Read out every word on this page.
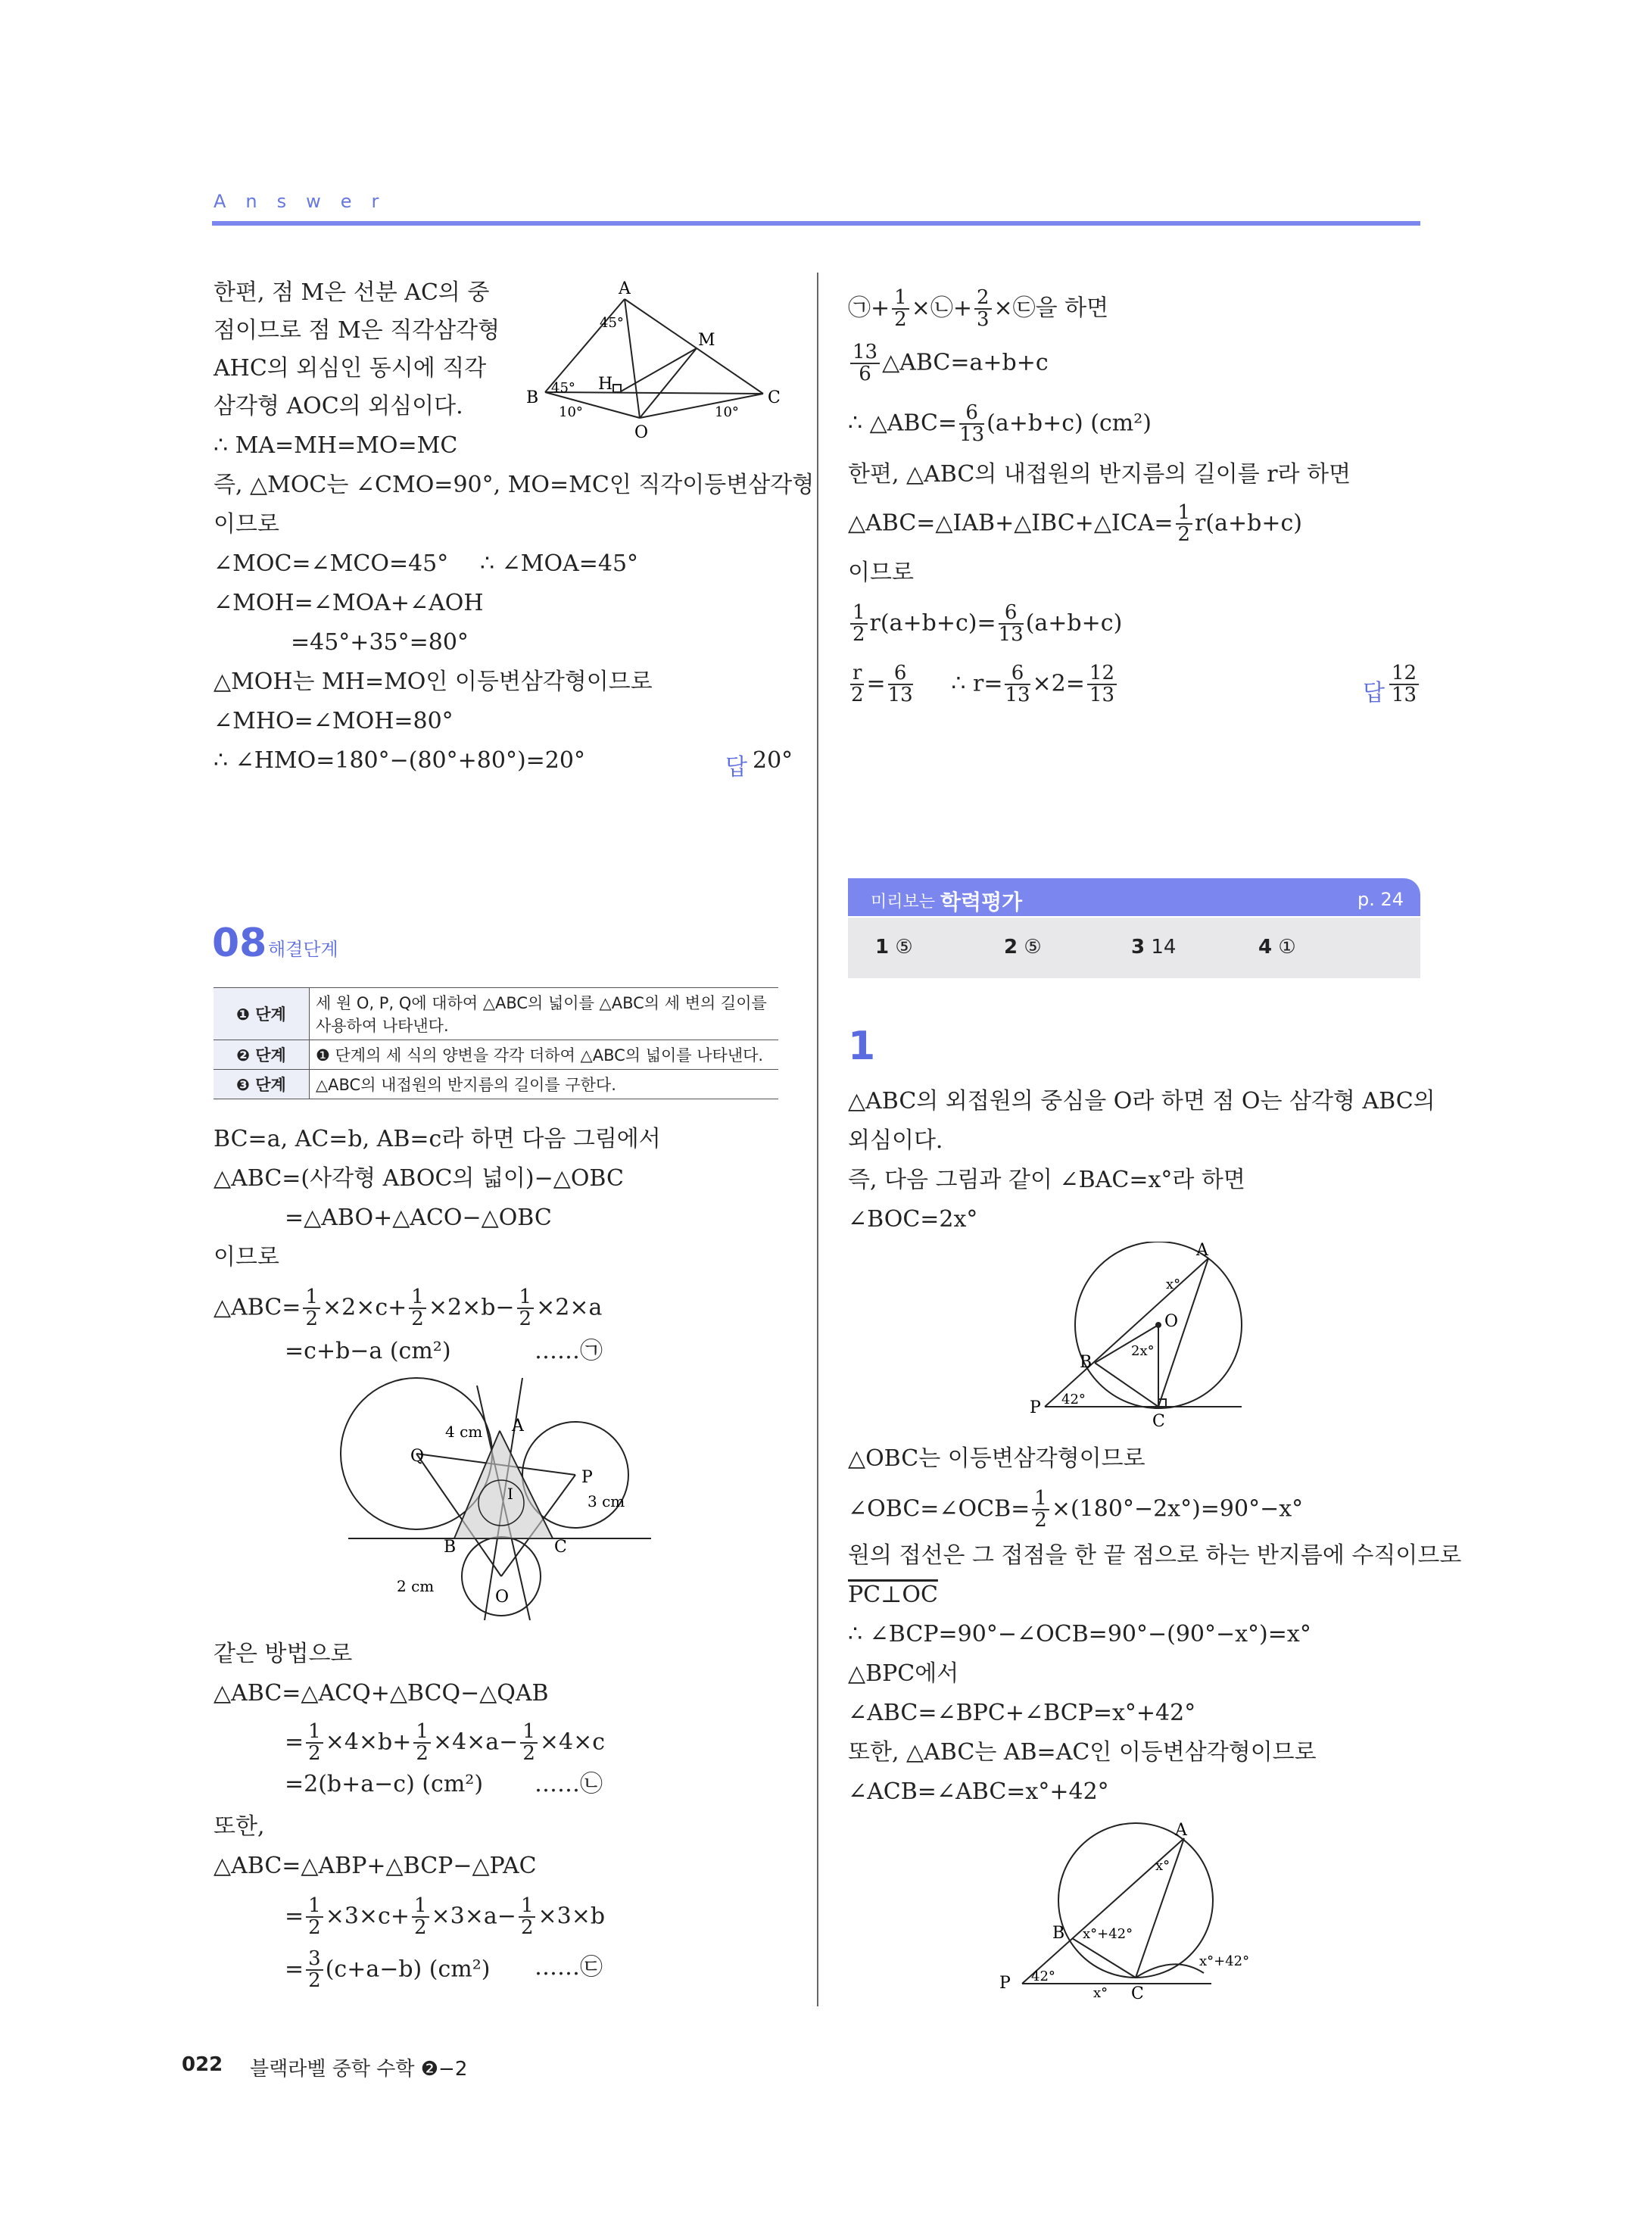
Answer
한편, 점 M은 선분 AC의 중
점이므로 점 M은 직각삼각형
AHC의 외심인 동시에 직각
삼각형 AOC의 외심이다.
∴ MA=MH=MO=MC
A
B	C
M
H
O
45°
45°
10°	10°
즉, △MOC는 ∠CMO=90°, MO=MC인 직각이등변삼각형
이므로
∠MOC=∠MCO=45° ∴ ∠MOA=45°
∠MOH=∠MOA+∠AOH
=45°+35°=80°
△MOH는 MH=MO인 이등변삼각형이므로
∠MHO=∠MOH=80°
∴ ∠HMO=180°−(80°+80°)=20°	답 20°
08 해결단계
❶ 단계	세 원 O, P, Q에 대하여 △ABC의 넓이를 △ABC의 세 변의 길이를 사용하여 나타낸다.
❷ 단계	❶ 단계의 세 식의 양변을 각각 더하여 △ABC의 넓이를 나타낸다.
❸ 단계	△ABC의 내접원의 반지름의 길이를 구한다.
BC=a, AC=b, AB=c라 하면 다음 그림에서
△ABC=(사각형 ABOC의 넓이)−△OBC
=△ABO+△ACO−△OBC
이므로
△ABC= $\frac{1}{2} \times 2\times c+ \frac{1}{2} \times 2\times b- \frac{1}{2} \times 2\times a$
=c+b−a (cm²)	……㉠
4 cm A
Q
P
3 cm
I
B	C
2 cm
O
같은 방법으로
△ABC=△ACQ+△BCQ−△QAB
= $\frac{1}{2} \times 4\times b+ \frac{1}{2} \times 4\times a- \frac{1}{2} \times 4\times c$
=2(b+a−c) (cm²) ……㉡
또한,
△ABC=△ABP+△BCP−△PAC
= $\frac{1}{2} \times 3\times c+ \frac{1}{2} \times 3\times a- \frac{1}{2} \times 3\times b$
= $\frac{3}{2} (c+a-b)$ (cm²) ……㉢
㉠+ $\frac{1}{2}$ ×㉡+ $\frac{2}{3}$ ×㉢을 하면
$\frac{13}{6}$ △ABC=a+b+c
∴ △ABC= $\frac{6}{13} (a+b+c)$ (cm²)
한편, △ABC의 내접원의 반지름의 길이를 r라 하면
△ABC=△IAB+△IBC+△ICA= $\frac{1}{2} r(a+b+c)$
이므로
$\frac{1}{2} r(a+b+c)= \frac{6}{13} (a+b+c)$
$\frac{r}{2} = \frac{6}{13}$ ∴ $r= \frac{6}{13} \times 2= \frac{12}{13}$	답 $\frac{12}{13}$
미리보는 학력평가	p. 24
1 ⑤	2 ⑤	3 14	4 ①
1
△ABC의 외접원의 중심을 O라 하면 점 O는 삼각형 ABC의
외심이다.
즉, 다음 그림과 같이 ∠BAC=x°라 하면
∠BOC=2x°
A
x°
O
B
2x°
P 42°
C
△OBC는 이등변삼각형이므로
∠OBC=∠OCB= $\frac{1}{2} \times(180^\circ-2x^\circ)=90^\circ-x^\circ$
원의 접선은 그 접점을 한 끝 점으로 하는 반지름에 수직이므로
PC⊥OC
∴ ∠BCP=90°−∠OCB=90°−(90°−x°)=x°
△BPC에서
∠ABC=∠BPC+∠BCP=x°+42°
또한, △ABC는 AB=AC인 이등변삼각형이므로
∠ACB=∠ABC=x°+42°
A
x°
B x°+42°
x°+42°
P 42°
x° C
022 블랙라벨 중학 수학 ❷−2
